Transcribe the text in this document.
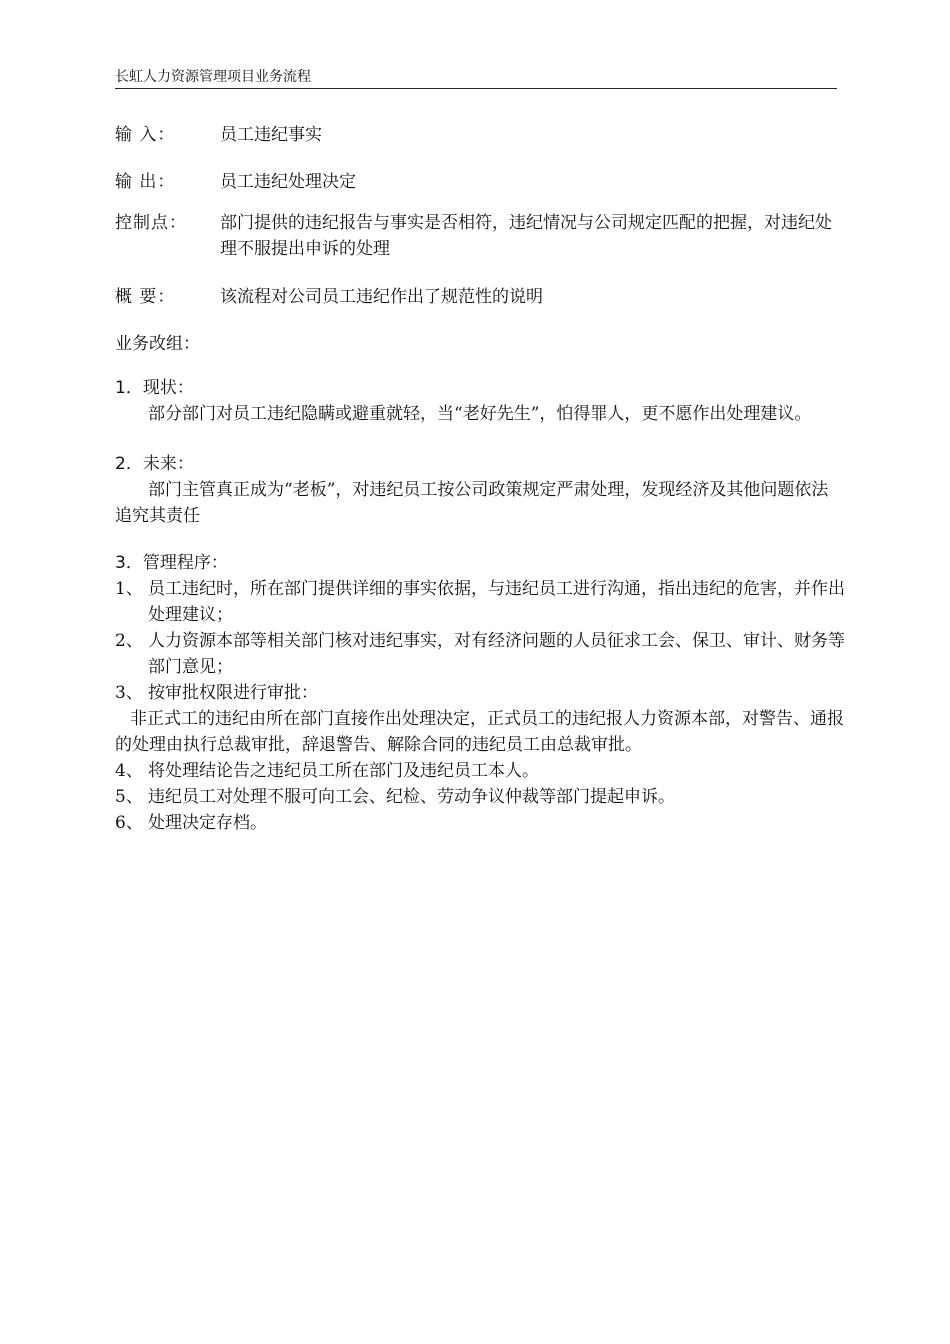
长虹人力资源管理项目业务流程
输 入：	员工违纪事实
输 出：	员工违纪处理决定
控制点： 部门提供的违纪报告与事实是否相符，违纪情况与公司规定匹配的把握，对违纪处理不服提出申诉的处理
概 要：	该流程对公司员工违纪作出了规范性的说明
业务改组：
1．现状：
部分部门对员工违纪隐瞒或避重就轻，当“老好先生”，怕得罪人，更不愿作出处理建议。
2．未来：
部门主管真正成为“老板”，对违纪员工按公司政策规定严肃处理，发现经济及其他问题依法追究其责任
3．管理程序：
1、 员工违纪时，所在部门提供详细的事实依据，与违纪员工进行沟通，指出违纪的危害，并作出处理建议；
2、 人力资源本部等相关部门核对违纪事实，对有经济问题的人员征求工会、保卫、审计、财务等部门意见；
3、 按审批权限进行审批：
非正式工的违纪由所在部门直接作出处理决定，正式员工的违纪报人力资源本部，对警告、通报的处理由执行总裁审批，辞退警告、解除合同的违纪员工由总裁审批。
4、 将处理结论告之违纪员工所在部门及违纪员工本人。
5、 违纪员工对处理不服可向工会、纪检、劳动争议仲裁等部门提起申诉。
6、 处理决定存档。
